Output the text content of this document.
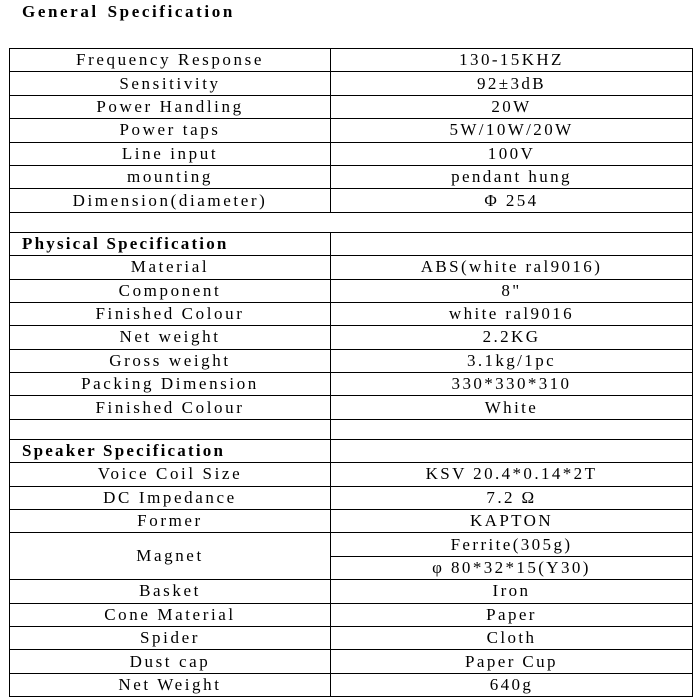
General Specification
Frequency Response	130-15KHZ
Sensitivity	92±3dB
Power Handling	20W
Power taps	5W/10W/20W
Line input	100V
mounting	pendant hung
Dimension(diameter)	Φ 254

Physical Specification	
Material	ABS(white ral9016)
Component	8"
Finished Colour	white ral9016
Net weight	2.2KG
Gross weight	3.1kg/1pc
Packing Dimension	330*330*310
Finished Colour	White

Speaker Specification	
Voice Coil Size	KSV 20.4*0.14*2T
DC Impedance	7.2 Ω
Former	KAPTON
Magnet	Ferrite(305g)
	φ 80*32*15(Y30)
Basket	Iron
Cone Material	Paper
Spider	Cloth
Dust cap	Paper Cup
Net Weight	640g
